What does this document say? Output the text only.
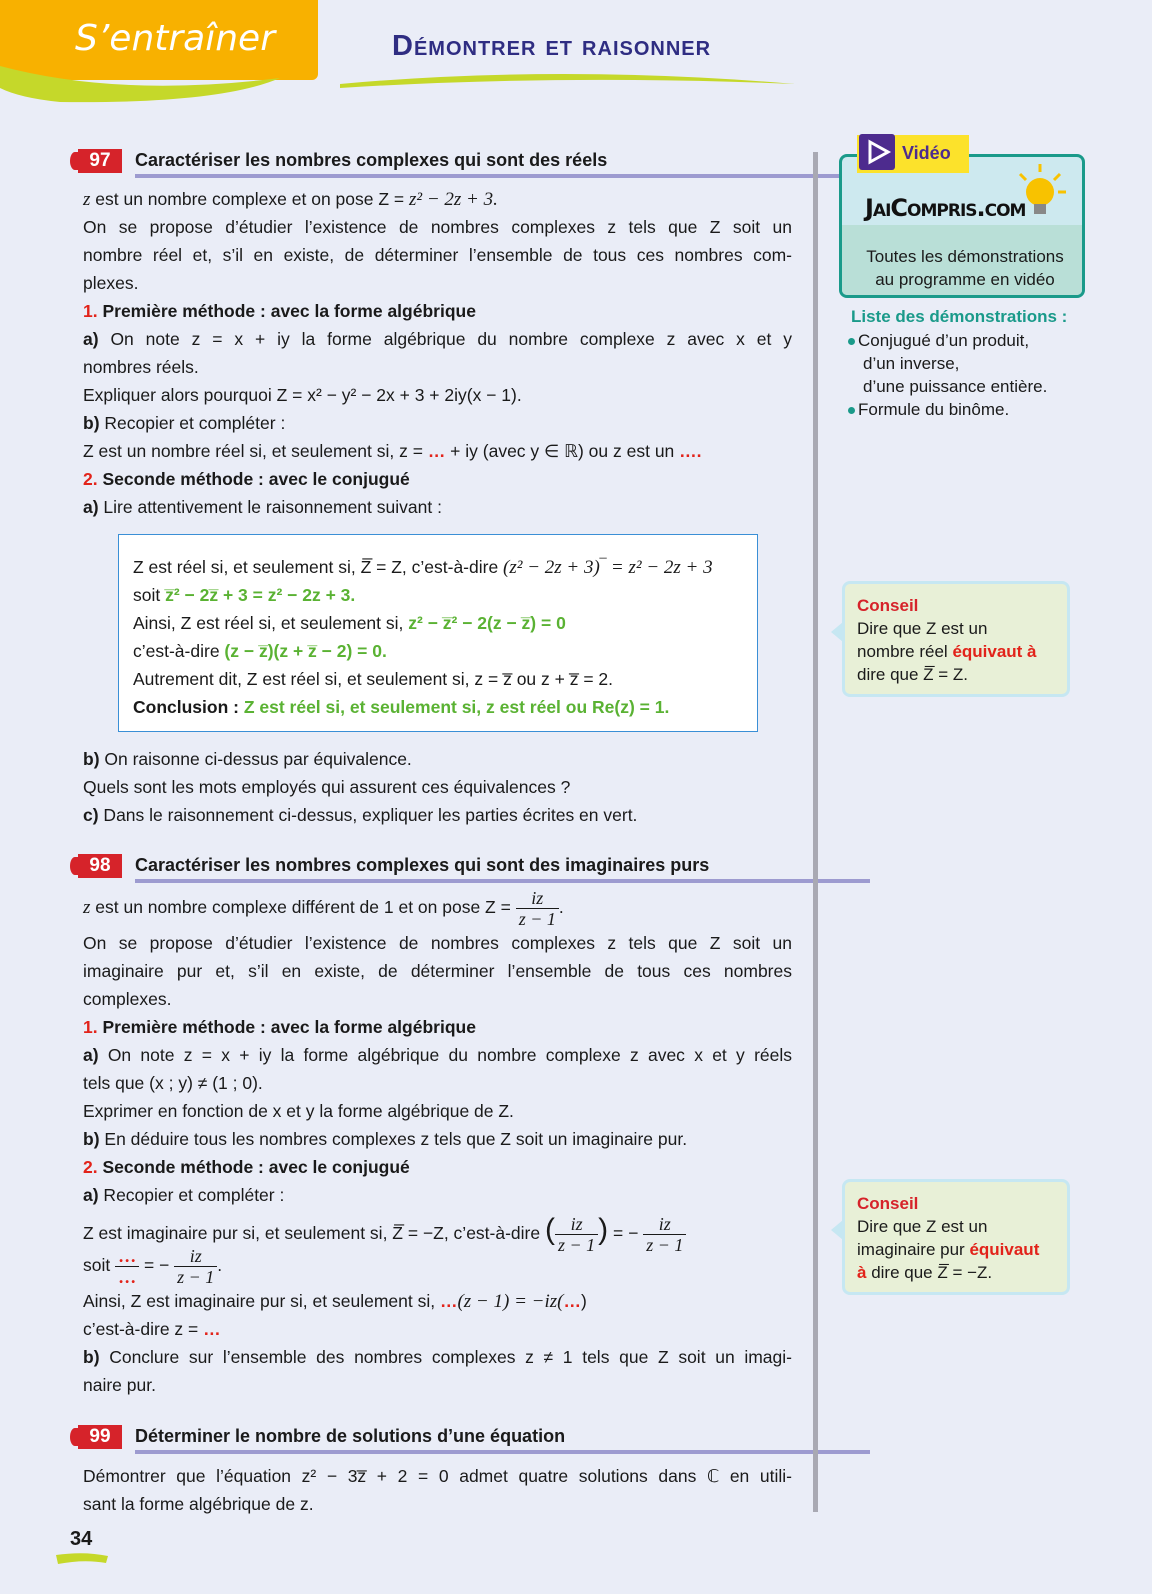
S’entraîner	Démontrer et raisonner
97	Caractériser les nombres complexes qui sont des réels
z est un nombre complexe et on pose Z = z² − 2z + 3.
On se propose d’étudier l’existence de nombres complexes z tels que Z soit un
nombre réel et, s’il en existe, de déterminer l’ensemble de tous ces nombres com-
plexes.
1. Première méthode : avec la forme algébrique
a) On note z = x + iy la forme algébrique du nombre complexe z avec x et y
nombres réels.
Expliquer alors pourquoi Z = x² − y² − 2x + 3 + 2iy(x − 1).
b) Recopier et compléter :
Z est un nombre réel si, et seulement si, z = … + iy (avec y ∈ ℝ) ou z est un ….
2. Seconde méthode : avec le conjugué
a) Lire attentivement le raisonnement suivant :
Z est réel si, et seulement si, Z̅ = Z, c’est-à-dire (z² − 2z + 3)‾ = z² − 2z + 3
soit z̅² − 2z̅ + 3 = z² − 2z + 3.
Ainsi, Z est réel si, et seulement si, z² − z̅² − 2(z − z̅) = 0
c’est-à-dire (z − z̅)(z + z̅ − 2) = 0.
Autrement dit, Z est réel si, et seulement si, z = z̅ ou z + z̅ = 2.
Conclusion : Z est réel si, et seulement si, z est réel ou Re(z) = 1.
b) On raisonne ci-dessus par équivalence.
Quels sont les mots employés qui assurent ces équivalences ?
c) Dans le raisonnement ci-dessus, expliquer les parties écrites en vert.
98	Caractériser les nombres complexes qui sont des imaginaires purs
z est un nombre complexe différent de 1 et on pose $Z = \frac{iz}{z - 1}$ .
On se propose d’étudier l’existence de nombres complexes z tels que Z soit un
imaginaire pur et, s’il en existe, de déterminer l’ensemble de tous ces nombres
complexes.
1. Première méthode : avec la forme algébrique
a) On note z = x + iy la forme algébrique du nombre complexe z avec x et y réels
tels que (x ; y) ≠ (1 ; 0).
Exprimer en fonction de x et y la forme algébrique de Z.
b) En déduire tous les nombres complexes z tels que Z soit un imaginaire pur.
2. Seconde méthode : avec le conjugué
a) Recopier et compléter :
Z est imaginaire pur si, et seulement si, Z̅ = −Z, c’est-à-dire ( $\frac{iz}{z - 1}$ ) = − $\frac{iz}{z - 1}$
soit $\frac{\dots}{\dots}$ = − $\frac{iz}{z - 1}$ .
Ainsi, Z est imaginaire pur si, et seulement si, …(z − 1) = −iz(…)
c’est-à-dire z = …
b) Conclure sur l’ensemble des nombres complexes z ≠ 1 tels que Z soit un imagi-
naire pur.
99	Déterminer le nombre de solutions d’une équation
Démontrer que l’équation z² − 3z̅ + 2 = 0 admet quatre solutions dans ℂ en utili-
sant la forme algébrique de z.
Vidéo
JaiCompris.com
Toutes les démonstrations au programme en vidéo
Liste des démonstrations :
Conjugué d’un produit,
d’un inverse,
d’une puissance entière.
Formule du binôme.
Conseil
Dire que Z est un
nombre réel équivaut à
dire que Z̅ = Z.
Conseil
Dire que Z est un
imaginaire pur équivaut
à dire que Z̅ = −Z.
34
